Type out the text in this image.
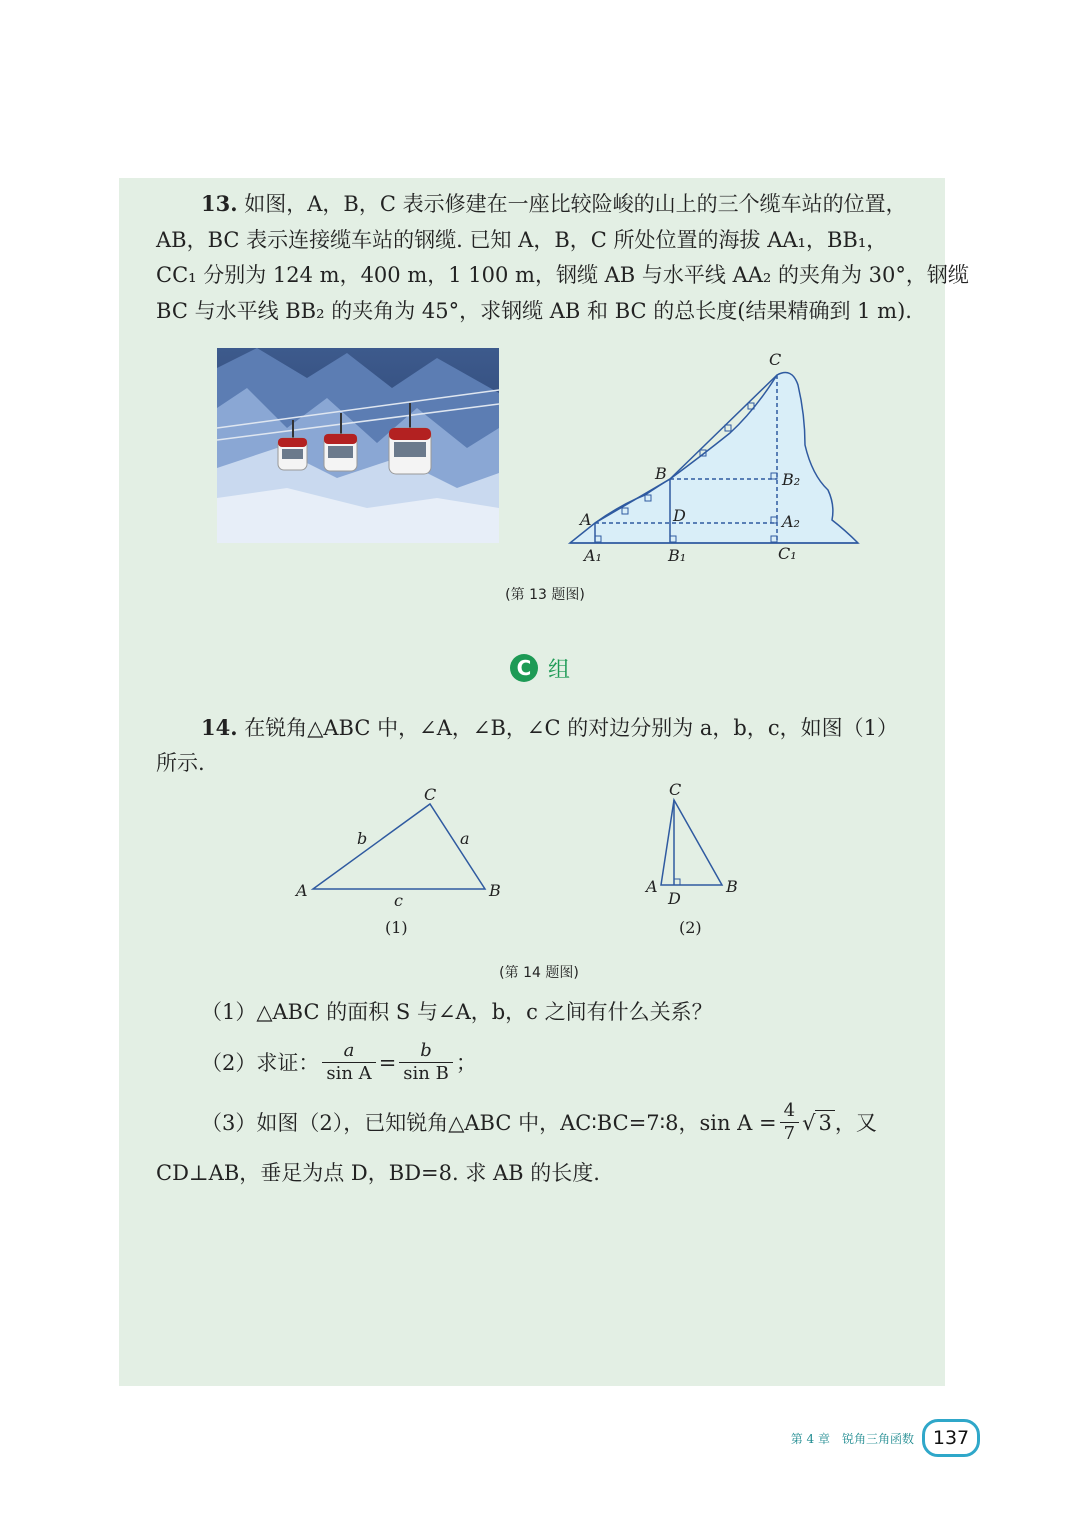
13. 如图，A，B，C 表示修建在一座比较险峻的山上的三个缆车站的位置，
AB，BC 表示连接缆车站的钢缆. 已知 A，B，C 所处位置的海拔 AA₁，BB₁，
CC₁ 分别为 124 m，400 m，1 100 m，钢缆 AB 与水平线 AA₂ 的夹角为 30°，钢缆
BC 与水平线 BB₂ 的夹角为 45°，求钢缆 AB 和 BC 的总长度(结果精确到 1 m).
C
B
A	D
A₁	B₁	C₁
A₂
B₂
(第 13 题图)
C 组
14. 在锐角△ABC 中，∠A，∠B，∠C 的对边分别为 a，b，c，如图（1）
所示.
C
A	B
b	a
c
(1)
C
A	B
D
(2)
(第 14 题图)
（1）△ABC 的面积 S 与∠A，b，c 之间有什么关系？
（2）求证： $\frac{a}{\text{sin A}} = \frac{b}{\text{sin B}}$ ；
（3）如图（2），已知锐角△ABC 中，AC∶BC=7∶8，$\sin A = \frac{4}{7}$ √ 3 ，又
CD⊥AB，垂足为点 D，BD=8. 求 AB 的长度.
第 4 章　锐角三角函数 137
